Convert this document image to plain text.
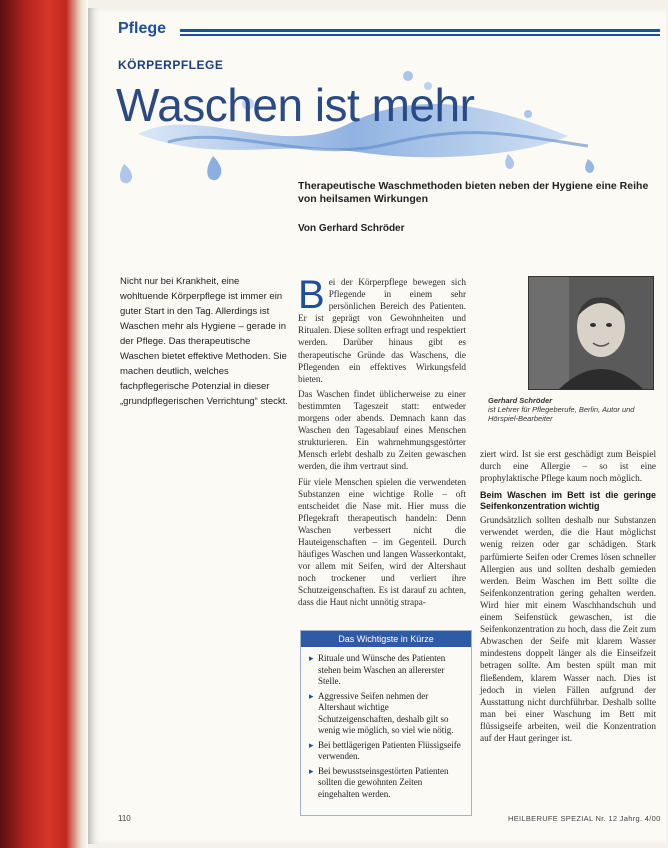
Pflege
KÖRPERPFLEGE
Waschen ist mehr
Therapeutische Waschmethoden bieten neben der Hygiene eine Reihe von heilsamen Wirkungen
Von Gerhard Schröder
Nicht nur bei Krankheit, eine wohltuende Körperpflege ist immer ein guter Start in den Tag. Allerdings ist Waschen mehr als Hygiene – gerade in der Pflege. Das therapeutische Waschen bietet effektive Methoden. Sie machen deutlich, welches fachpflegerische Potenzial in dieser „grundpflegerischen Verrichtung“ steckt.
B ei der Körperpflege bewegen sich Pflegende in einem sehr persönlichen Bereich des Patienten. Er ist geprägt von Gewohnheiten und Ritualen. Diese sollten erfragt und respektiert werden. Darüber hinaus gibt es therapeutische Gründe das Waschens, die Pflegenden ein effektives Wirkungsfeld bieten.

Das Waschen findet üblicherweise zu einer bestimmten Tageszeit statt: entweder morgens oder abends. Demnach kann das Waschen den Tagesablauf eines Menschen strukturieren. Ein wahrnehmungsgestörter Mensch erlebt deshalb zu Zeiten gewaschen werden, die ihm vertraut sind.

Für viele Menschen spielen die verwendeten Substanzen eine wichtige Rolle – oft entscheidet die Nase mit. Hier muss die Pflegekraft therapeutisch handeln: Denn Waschen verbessert nicht die Hauteigenschaften – im Gegenteil. Durch häufiges Waschen und langen Wasserkontakt, vor allem mit Seifen, wird der Altershaut noch trockener und verliert ihre Schutzeigenschaften. Es ist darauf zu achten, dass die Haut nicht unnötig strapa-

Gerhard Schröder
ist Lehrer für Pflegeberufe, Berlin, Autor und Hörspiel-Bearbeiter

ziert wird. Ist sie erst geschädigt zum Beispiel durch eine Allergie – so ist eine prophylaktische Pflege kaum noch möglich.

Beim Waschen im Bett ist die geringe Seifenkonzentration wichtig

Grundsätzlich sollten deshalb nur Substanzen verwendet werden, die die Haut möglichst wenig reizen oder gar schädigen. Stark parfümierte Seifen oder Cremes lösen schneller Allergien aus und sollten deshalb gemieden werden. Beim Waschen im Bett sollte die Seifenkonzentration gering gehalten werden. Wird hier mit einem Waschhandschuh und einem Seifenstück gewaschen, ist die Seifenkonzentration zu hoch, dass die Zeit zum Abwaschen der Seife mit klarem Wasser mindestens doppelt länger als die Einseifzeit betragen sollte. Am besten spült man mit fließendem, klarem Wasser nach. Dies ist jedoch in vielen Fällen aufgrund der Ausstattung nicht durchführbar. Deshalb sollte man bei einer Waschung im Bett mit flüssigseife arbeiten, weil die Konzentration auf der Haut geringer ist.

Das Wichtigste in Kürze
▸ Rituale und Wünsche des Patienten stehen beim Waschen an allererster Stelle.
▸ Aggressive Seifen nehmen der Altershaut wichtige Schutzeigenschaften, deshalb gilt so wenig wie möglich, so viel wie nötig.
▸ Bei bettlägerigen Patienten Flüssigseife verwenden.
▸ Bei bewusstseinsgestörten Patienten sollten die gewohnten Zeiten eingehalten werden.
110	HEILBERUFE SPEZIAL Nr. 12 Jahrg. 4/00
